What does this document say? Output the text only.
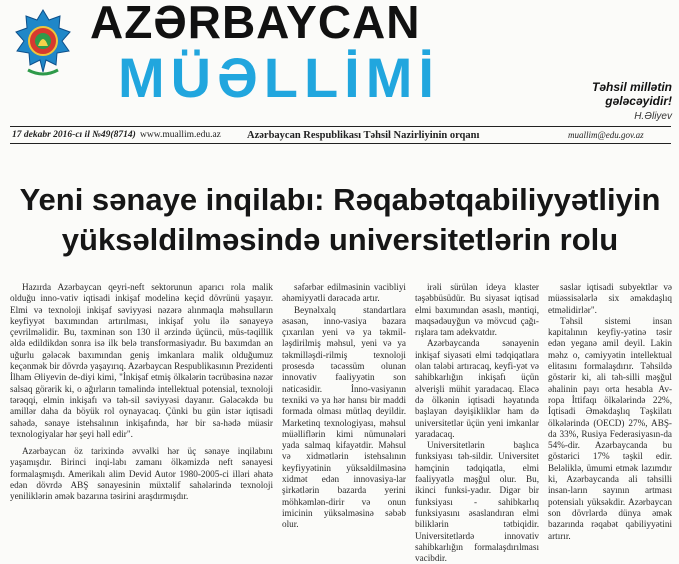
AZƏRBAYCAN
MÜƏLLİMİ	Təhsil millətin
gələcəyidir!
H.Əliyev
17 dekabr 2016-cı il №49(8714) www.muallim.edu.az Azərbaycan Respublikası Təhsil Nazirliyinin orqanı	muallim@edu.gov.az
Yeni sənaye inqilabı: Rəqabətqabiliyyətliyin
yüksəldilməsində universitetlərin rolu

Hazırda Azərbaycan qeyri-neft sektorunun aparıcı rola malik olduğu inno-vativ iqtisadi inkişaf modelinə keçid dövrünü yaşayır. Elmi və texnoloji inkişaf səviyyəsi nəzərə alınmaqla məhsulların keyfiyyət baxımından artırılması, inkişaf yolu ilə sənayeyə çevrilməlidir. Bu, təxminən son 130 il ərzində üçüncü, müs-təqillik əldə edildikdən sonra isə ilk belə transformasiyadır. Bu baxımdan ən uğurlu gələcək baxımından geniş imkanlara malik olduğumuz keçənmək bir dövrdə yaşayırıq. Azərbaycan Respublikasının Prezidenti İlham Əliyevin de-diyi kimi, "İnkişaf etmiş ölkələrin təcrübəsinə nəzər salsaq görərik ki, o ağırların təməlində intellektual potensial, texnoloji tərəqqi, elmin inkişafı və təh-sil səviyyəsi dayanır. Gələcəkdə bu amillər daha da böyük rol oynayacaq. Çünki bu gün istər iqtisadi sahədə, sənaye istehsalının inkişafında, hər bir sa-hədə müasir texnologiyalar hər şeyi həll edir".

Azərbaycan öz tarixində əvvəlki hər üç sənaye inqilabını yaşamışdır. Birinci inqi-labı zamanı ölkəmizdə neft sənayesi formalaşmışdı. Amerikalı alim Devid Autor 1980-2005-ci illəri əhatə edən dövrdə ABŞ sənayesinin müxtəlif sahələrində texnoloji yeniliklərin əmək bazarına təsirini araşdırmışdır.

səfərbər edilməsinin vacibliyi əhəmiyyətli dərəcədə artır.

Beynəlxalq standartlara əsasən, inno-vasiya bazara çıxarılan yeni və ya təkmil-ləşdirilmiş məhsul, yeni və ya təkmilləşdi-rilmiş texnoloji prosesdə təcəssüm olunan innovativ fəaliyyətin son nəticəsidir. İnno-vasiyanın texniki və ya hər hansı bir maddi formada olması mütləq deyildir. Marketinq texnologiyası, məhsul müəlliflərin kimi nümunələri yada salmaq kifayətdir. Məhsul və xidmətlərin istehsalının keyfiyyətinin yüksəldilməsinə xidmət edən innovasiya-lar şirkətlərin bazarda yerini möhkəmlən-dirir və onun imicinin yüksəlməsinə səbəb olur.

irəli sürülən ideya klaster təşəbbüsüdür. Bu siyasət iqtisad elmi baxımından əsaslı, məntiqi, maqsədəuyğun və mövcud çağı-rışlara tam adekvatdır.

Azərbaycanda sənayenin inkişaf siyasəti elmi tədqiqatlara olan tələbi artıracaq, keyfi-yət və sahibkarlığın inkişafı üçün əlverişli mühit yaradacaq. Eləcə də ölkənin iqtisadi həyatında başlayan dəyişikliklər ham də universitetlər üçün yeni imkanlar yaradacaq.

Universitetlərin başlıca funksiyası təh-sildir. Universitet həmçinin tədqiqatla, elmi fəaliyyətlə məşğul olur. Bu, ikinci funksi-yadır. Digər bir funksiyası - sahibkarlıq funksiyasını əsaslandıran elmi biliklərin tətbiqidir. Universitetlərdə innovativ sahibkarlığın formalaşdırılması vacibdir.

saslar iqtisadi subyektlər və müəssisələrlə six əməkdaşlıq etməlidirlər".

Təhsil sistemi insan kapitalının keyfiy-yətinə təsir edən yeganə amil deyil. Lakin məhz o, cəmiyyətin intellektual elitasını formalaşdırır. Təhsildə göstərir ki, ali təh-silli məşğul əhalinin payı orta hesabla Av-ropa İttifaqı ölkələrində 22%, İqtisadi Əməkdaşlıq Təşkilatı ölkələrində (OECD) 27%, ABŞ-da 33%, Rusiya Federasiyasın-da 54%-dir. Azərbaycanda bu göstərici 17% təşkil edir. Beləliklə, ümumi etmək lazımdır ki, Azərbaycanda ali təhsilli insan-ların sayının artması potensialı yüksəkdir. Azərbaycan son dövrlərdə dünya əmək bazarında rəqabət qabiliyyətini artırır.
